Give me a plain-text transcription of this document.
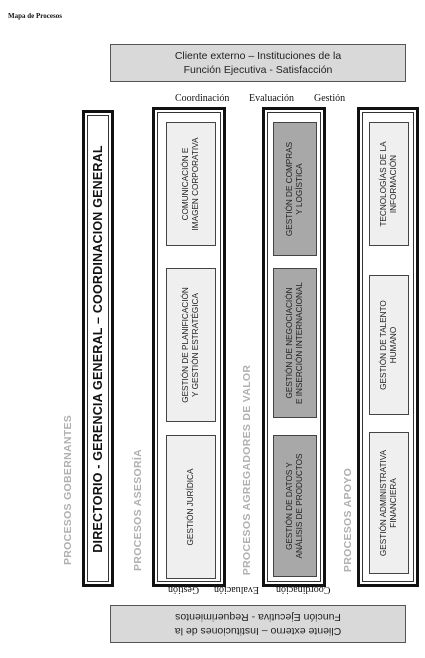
Mapa de Procesos
Cliente externo – Instituciones de la
Función Ejecutiva - Satisfacción
Coordinación Evaluación Gestión
PROCESOS GOBERNANTES	PROCESOS ASESORÍA	PROCESOS AGREGADORES DE VALOR	PROCESOS APOYO
DIRECTORIO - GERENCIA GENERAL – COORDINACION GENERAL	COMUNICACIÓN E IMAGEN CORPORATIVA
GESTIÓN DE PLANIFICACIÓN Y GESTIÓN ESTRATÉGICA
GESTIÓN JURÍDICA
GESTIÓN DE COMPRAS Y LOGÍSTICA
GESTIÓN DE NEGOCIACIÓN E INSERCIÓN INTERNACIONAL
GESTIÓN DE DATOS Y ANÁLISIS DE PRODUCTOS
TECNOLOGÍAS DE LA INFORMACIÓN
GESTIÓN DE TALENTO HUMANO
GESTIÓN ADMINISTRATIVA FINANCIERA
Gestión Evaluación Coordinación
Cliente externo – Instituciones de la
Función Ejecutiva - Requerimientos
